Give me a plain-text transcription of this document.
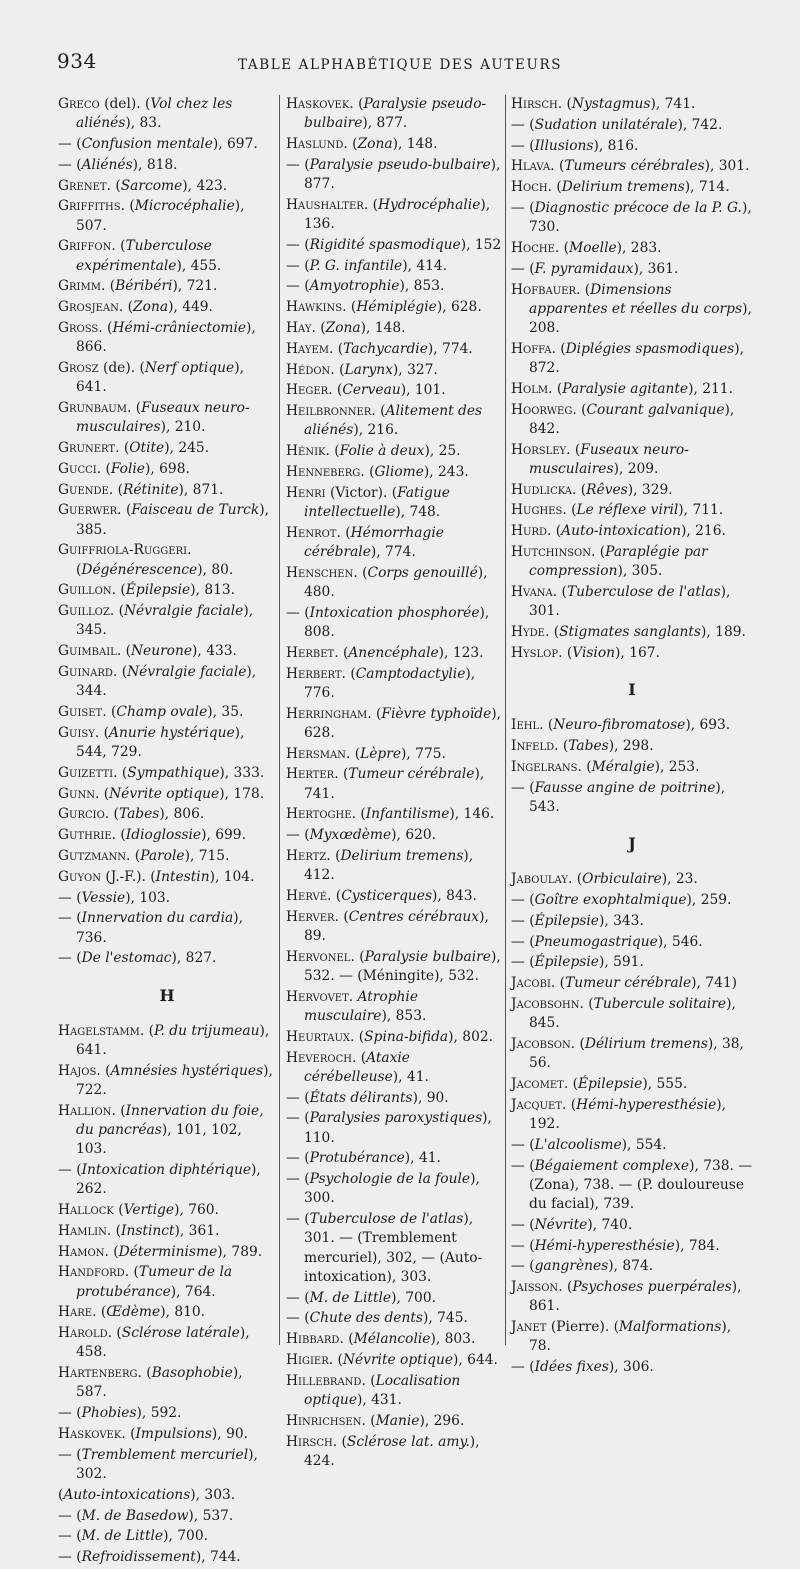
934	TABLE ALPHABÉTIQUE DES AUTEURS
Greco (del). (Vol chez les aliénés), 83.
— (Confusion mentale), 697.
— (Aliénés), 818.
Grenet. (Sarcome), 423.
Griffiths. (Microcéphalie), 507.
Griffon. (Tuberculose expérimentale), 455.
Grimm. (Béribéri), 721.
Grosjean. (Zona), 449.
Gross. (Hémi-crâniectomie), 866.
Grosz (de). (Nerf optique), 641.
Grunbaum. (Fuseaux neuro-musculaires), 210.
Grunert. (Otite), 245.
Gucci. (Folie), 698.
Guende. (Rétinite), 871.
Guerwer. (Faisceau de Turck), 385.
Guiffriola-Ruggeri. (Dégénérescence), 80.
Guillon. (Épilepsie), 813.
Guilloz. (Névralgie faciale), 345.
Guimbail. (Neurone), 433.
Guinard. (Névralgie faciale), 344.
Guiset. (Champ ovale), 35.
Guisy. (Anurie hystérique), 544, 729.
Guizetti. (Sympathique), 333.
Gunn. (Névrite optique), 178.
Gurcio. (Tabes), 806.
Guthrie. (Idioglossie), 699.
Gutzmann. (Parole), 715.
Guyon (J.-F.). (Intestin), 104.
— (Vessie), 103.
— (Innervation du cardia), 736.
— (De l'estomac), 827.
H
Hagelstamm. (P. du trijumeau), 641.
Hajos. (Amnésies hystériques), 722.
Hallion. (Innervation du foie, du pancréas), 101, 102, 103.
— (Intoxication diphtérique), 262.
Hallock (Vertige), 760.
Hamlin. (Instinct), 361.
Hamon. (Déterminisme), 789.
Handford. (Tumeur de la protubérance), 764.
Hare. (Œdème), 810.
Harold. (Sclérose latérale), 458.
Hartenberg. (Basophobie), 587.
— (Phobies), 592.
Haskovek. (Impulsions), 90.
— (Tremblement mercuriel), 302.
(Auto-intoxications), 303.
— (M. de Basedow), 537.
— (M. de Little), 700.
— (Refroidissement), 744.
Haskovek. (Paralysie pseudo-bulbaire), 877.
Haslund. (Zona), 148.
— (Paralysie pseudo-bulbaire), 877.
Haushalter. (Hydrocéphalie), 136.
— (Rigidité spasmodique), 152
— (P. G. infantile), 414.
— (Amyotrophie), 853.
Hawkins. (Hémiplégie), 628.
Hay. (Zona), 148.
Hayem. (Tachycardie), 774.
Hédon. (Larynx), 327.
Heger. (Cerveau), 101.
Heilbronner. (Alitement des aliénés), 216.
Hénik. (Folie à deux), 25.
Henneberg. (Gliome), 243.
Henri (Victor). (Fatigue intellectuelle), 748.
Henrot. (Hémorrhagie cérébrale), 774.
Henschen. (Corps genouillé), 480.
— (Intoxication phosphorée), 808.
Herbet. (Anencéphale), 123.
Herbert. (Camptodactylie), 776.
Herringham. (Fièvre typhoïde), 628.
Hersman. (Lèpre), 775.
Herter. (Tumeur cérébrale), 741.
Hertoghe. (Infantilisme), 146.
— (Myxœdème), 620.
Hertz. (Delirium tremens), 412.
Hervé. (Cysticerques), 843.
Herver. (Centres cérébraux), 89.
Hervonel. (Paralysie bulbaire), 532. — (Méningite), 532.
Hervovet. Atrophie musculaire), 853.
Heurtaux. (Spina-bifida), 802.
Heveroch. (Ataxie cérébelleuse), 41.
— (États délirants), 90.
— (Paralysies paroxystiques), 110.
— (Protubérance), 41.
— (Psychologie de la foule), 300.
— (Tuberculose de l'atlas), 301. — (Tremblement mercuriel), 302, — (Auto-intoxication), 303.
— (M. de Little), 700.
— (Chute des dents), 745.
Hibbard. (Mélancolie), 803.
Higier. (Névrite optique), 644.
Hillebrand. (Localisation optique), 431.
Hinrichsen. (Manie), 296.
Hirsch. (Sclérose lat. amy.), 424.
Hirsch. (Nystagmus), 741.
— (Sudation unilatérale), 742.
— (Illusions), 816.
Hlava. (Tumeurs cérébrales), 301.
Hoch. (Delirium tremens), 714.
— (Diagnostic précoce de la P. G.), 730.
Hoche. (Moelle), 283.
— (F. pyramidaux), 361.
Hofbauer. (Dimensions apparentes et réelles du corps), 208.
Hoffa. (Diplégies spasmodiques), 872.
Holm. (Paralysie agitante), 211.
Hoorweg. (Courant galvanique), 842.
Horsley. (Fuseaux neuro-musculaires), 209.
Hudlicka. (Rêves), 329.
Hughes. (Le réflexe viril), 711.
Hurd. (Auto-intoxication), 216.
Hutchinson. (Paraplégie par compression), 305.
Hvana. (Tuberculose de l'atlas), 301.
Hyde. (Stigmates sanglants), 189.
Hyslop. (Vision), 167.
I
Iehl. (Neuro-fibromatose), 693.
Infeld. (Tabes), 298.
Ingelrans. (Méralgie), 253.
— (Fausse angine de poitrine), 543.
J
Jaboulay. (Orbiculaire), 23.
— (Goître exophtalmique), 259.
— (Épilepsie), 343.
— (Pneumogastrique), 546.
— (Épilepsie), 591.
Jacobi. (Tumeur cérébrale), 741)
Jacobsohn. (Tubercule solitaire), 845.
Jacobson. (Délirium tremens), 38, 56.
Jacomet. (Épilepsie), 555.
Jacquet. (Hémi-hyperesthésie), 192.
— (L'alcoolisme), 554.
— (Bégaiement complexe), 738. — (Zona), 738. — (P. douloureuse du facial), 739.
— (Névrite), 740.
— (Hémi-hyperesthésie), 784.
— (gangrènes), 874.
Jaisson. (Psychoses puerpérales), 861.
Janet (Pierre). (Malformations), 78.
— (Idées fixes), 306.
